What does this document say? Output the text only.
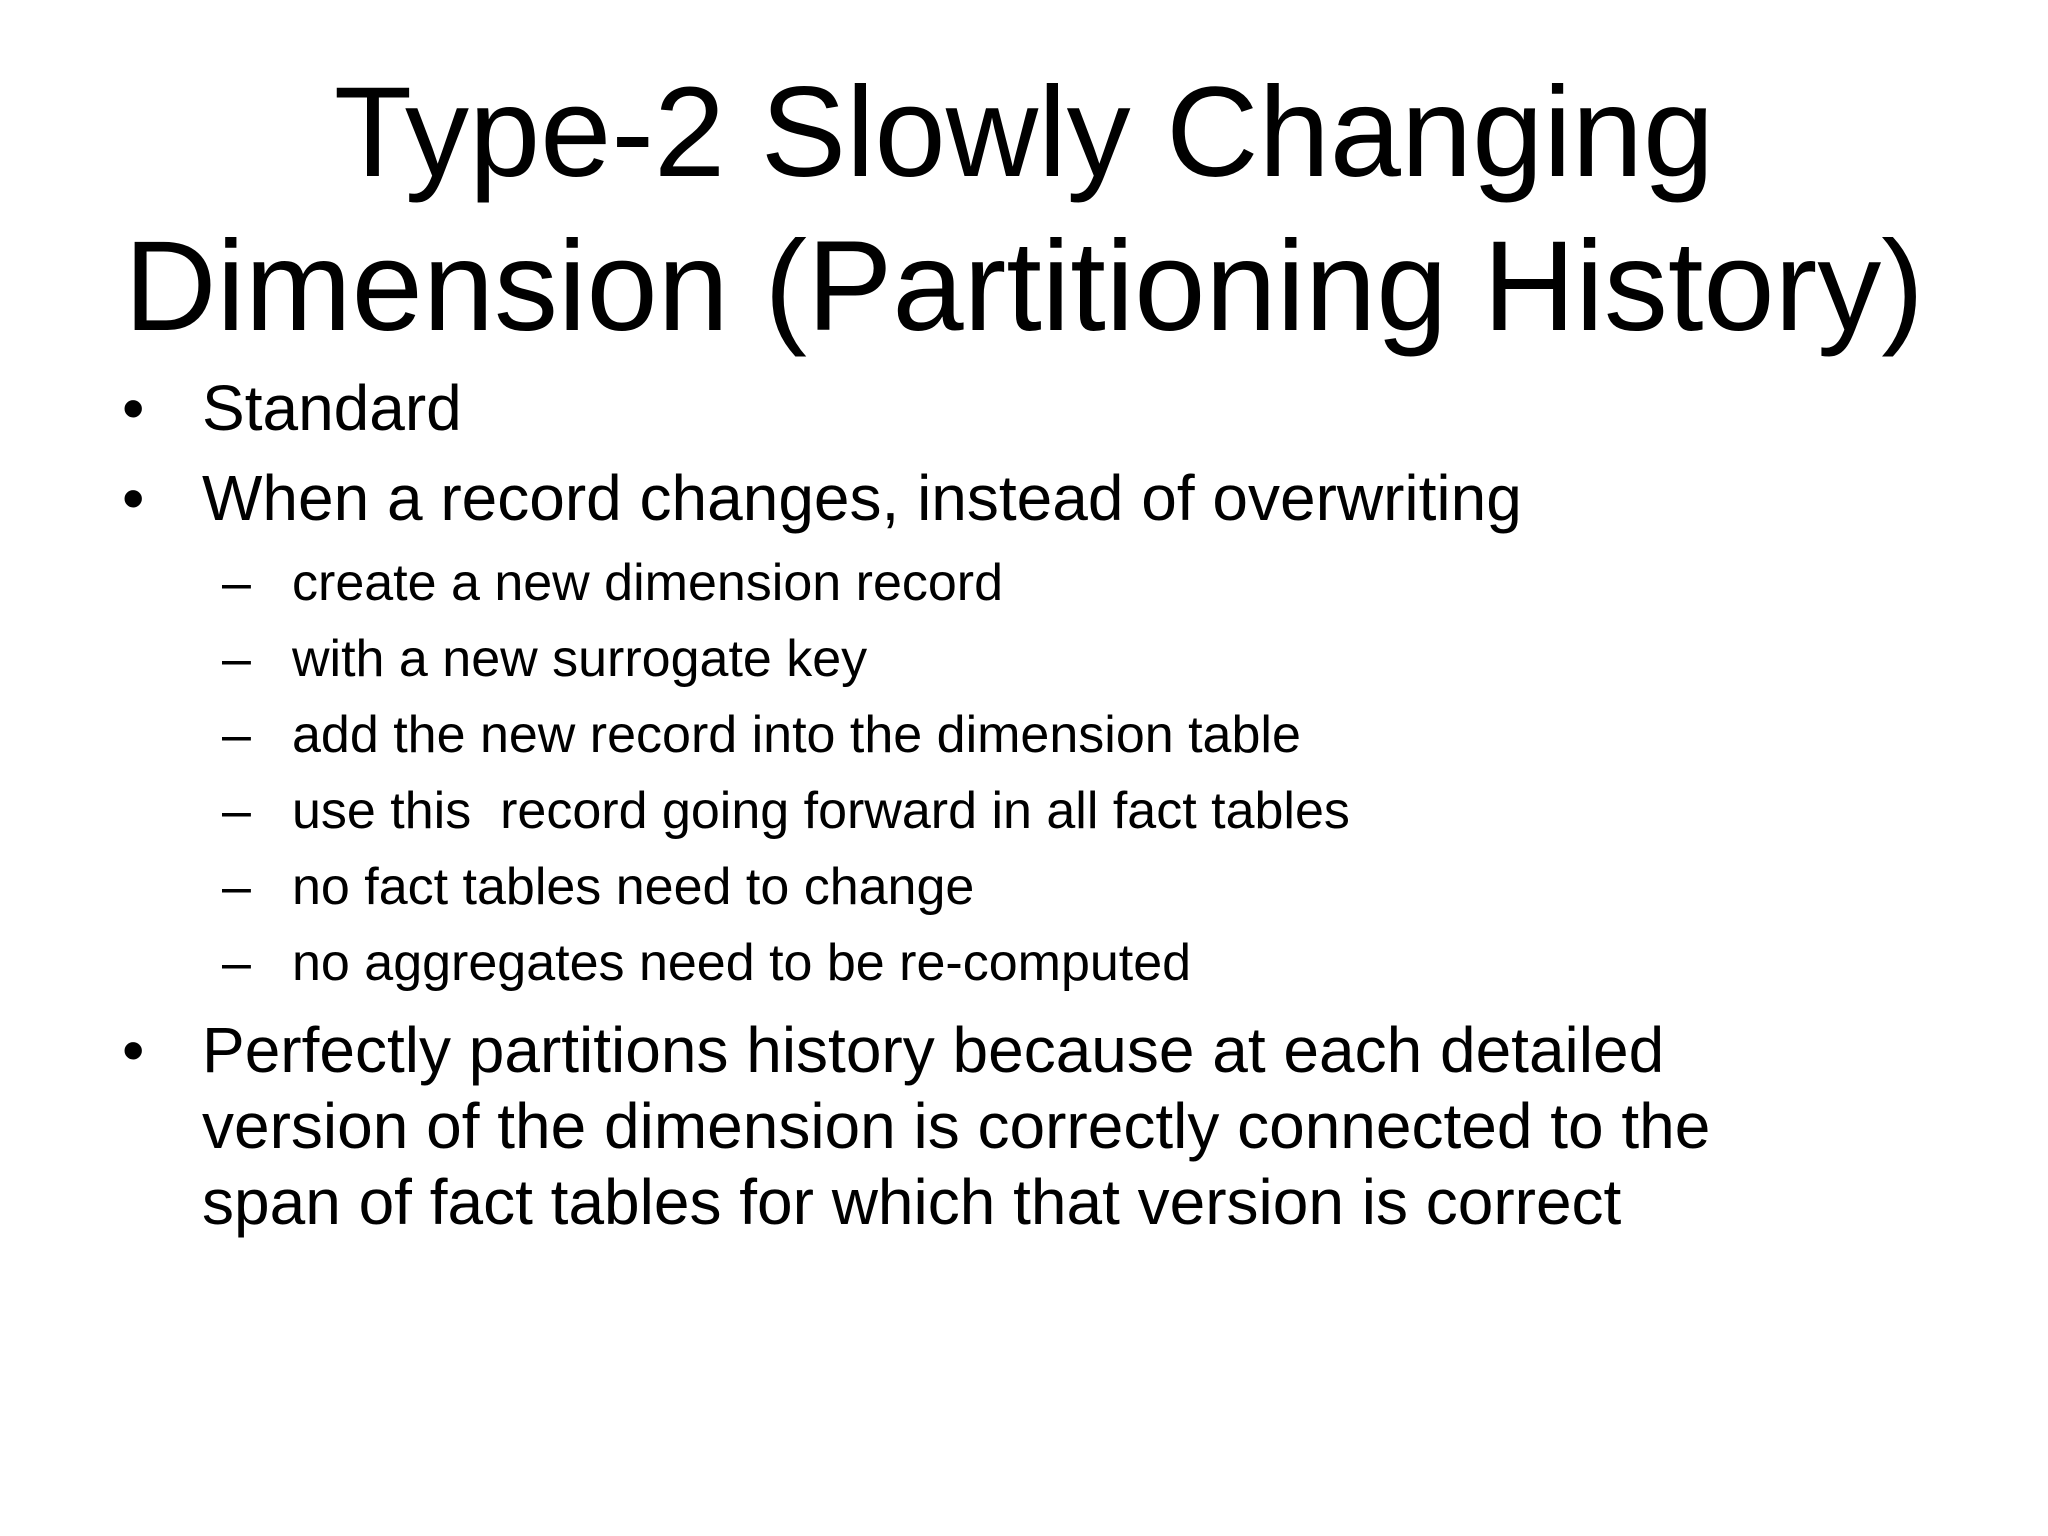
Type-2 Slowly Changing
Dimension (Partitioning History)
• Standard
• When a record changes, instead of overwriting
– create a new dimension record
– with a new surrogate key
– add the new record into the dimension table
– use this  record going forward in all fact tables
– no fact tables need to change
– no aggregates need to be re-computed
• Perfectly partitions history because at each detailed
version of the dimension is correctly connected to the
span of fact tables for which that version is correct
